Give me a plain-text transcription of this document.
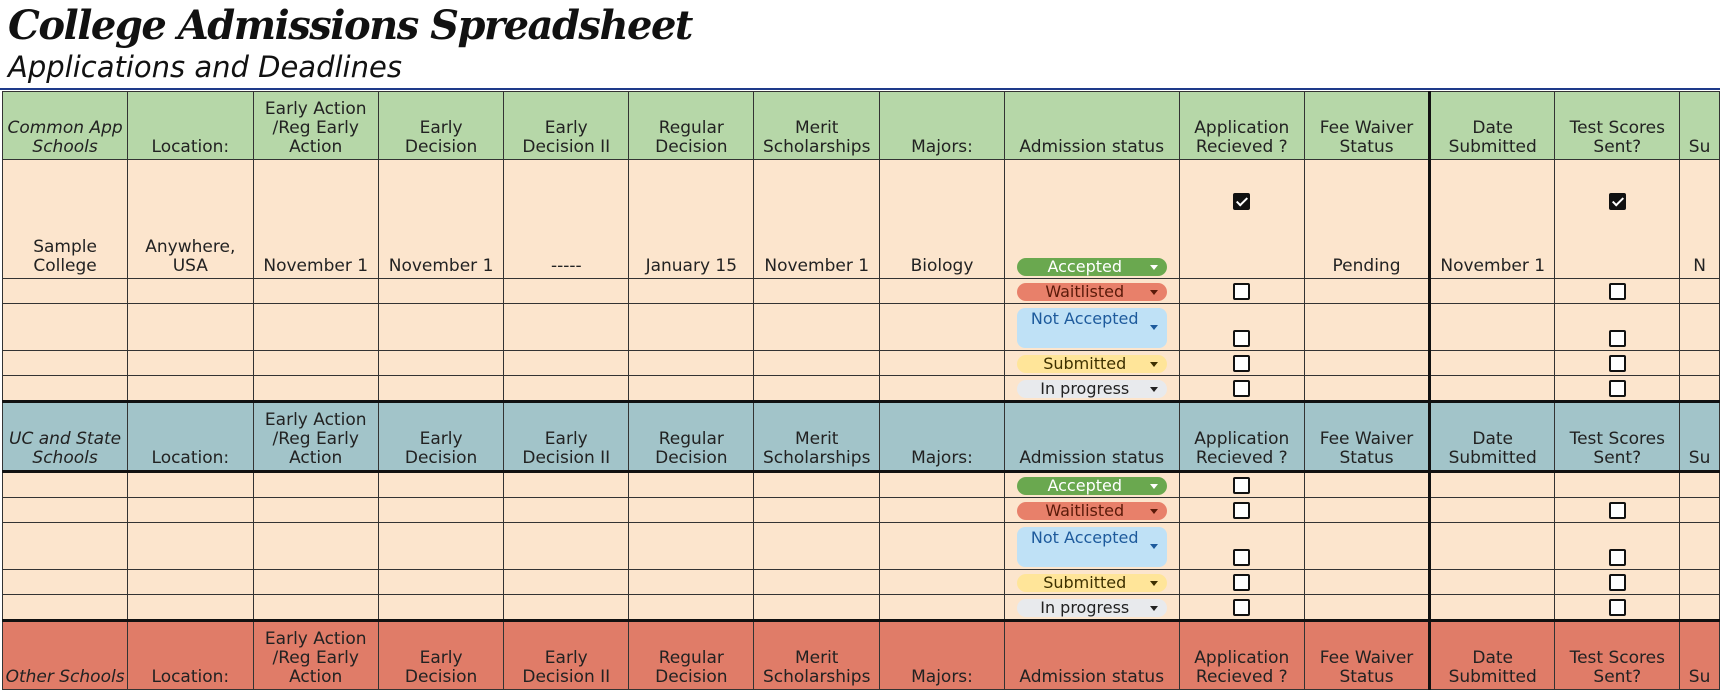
College Admissions Spreadsheet
Applications and Deadlines
Common App Schools	Location:	Early Action /Reg Early Action	Early Decision	Early Decision II	Regular Decision	Merit Scholarships	Majors:	Admission status	Application Recieved ?	Fee Waiver Status	Date Submitted	Test Scores Sent?	Su
Sample College	Anywhere, USA	November 1	November 1	-----	January 15	November 1	Biology	Accepted		Pending	November 1		N

								Waitlisted					

								Not Accepted					

								Submitted					

								In progress					

UC and State Schools	Location:	Early Action /Reg Early Action	Early Decision	Early Decision II	Regular Decision	Merit Scholarships	Majors:	Admission status	Application Recieved ?	Fee Waiver Status	Date Submitted	Test Scores Sent?	Su

								Accepted					

								Waitlisted					

								Not Accepted					

								Submitted					

								In progress					

Other Schools	Location:	Early Action /Reg Early Action	Early Decision	Early Decision II	Regular Decision	Merit Scholarships	Majors:	Admission status	Application Recieved ?	Fee Waiver Status	Date Submitted	Test Scores Sent?	Su
